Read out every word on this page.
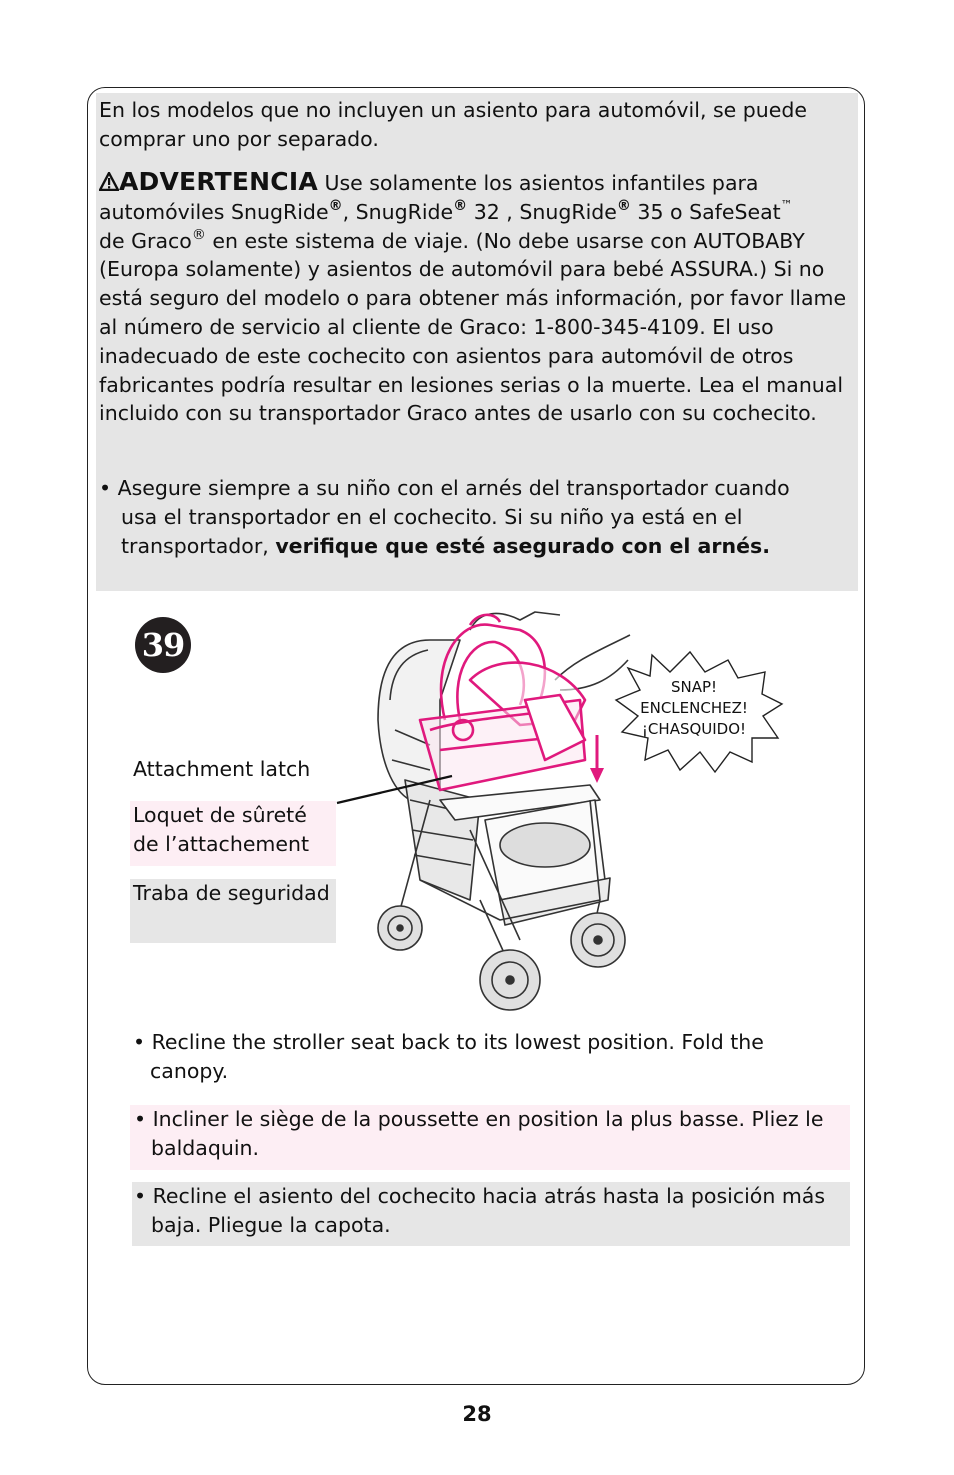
En los modelos que no incluyen un asiento para automóvil, se puede comprar uno por separado.

ADVERTENCIA Use solamente los asientos infantiles para automóviles SnugRide®, SnugRide® 32 , SnugRide® 35 o SafeSeat™
de Graco® en este sistema de viaje. (No debe usarse con AUTOBABY (Europa solamente) y asientos de automóvil para bebé ASSURA.) Si no está seguro del modelo o para obtener más información, por favor llame al número de servicio al cliente de Graco: 1-800-345-4109. El uso inadecuado de este cochecito con asientos para automóvil de otros fabricantes podría resultar en lesiones serias o la muerte. Lea el manual incluido con su transportador Graco antes de usarlo con su cochecito.

• Asegure siempre a su niño con el arnés del transportador cuando
usa el transportador en el cochecito. Si su niño ya está en el
transportador, verifique que esté asegurado con el arnés.

39
SNAP!
ENCLENCHEZ!
¡CHASQUIDO!

Attachment latch

Loquet de sûreté de l’attachement

Traba de seguridad

• Recline the stroller seat back to its lowest position. Fold the canopy.

• Incliner le siège de la poussette en position la plus basse. Pliez le baldaquin.

• Recline el asiento del cochecito hacia atrás hasta la posición más baja. Pliegue la capota.

28
